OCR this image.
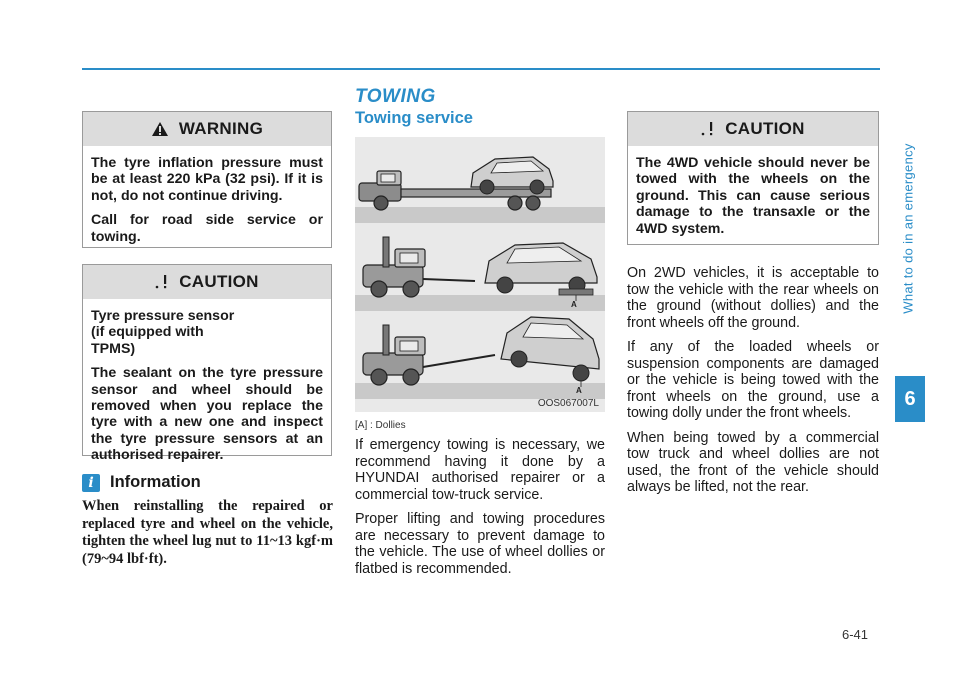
What to do in an emergency
6
WARNING

The tyre inflation pressure must be at least 220 kPa (32 psi). If it is not, do not continue driving.

Call for road side service or towing.

CAUTION

Tyre pressure sensor (if equipped with TPMS)

The sealant on the tyre pressure sensor and wheel should be removed when you replace the tyre with a new one and inspect the tyre pressure sensors at an authorised repairer.

i Information
When reinstalling the repaired or replaced tyre and wheel on the vehicle, tighten the wheel lug nut to 11~13 kgf·m (79~94 lbf·ft).
TOWING
Towing service
A
A
OOS067007L
[A] : Dollies

If emergency towing is necessary, we recommend having it done by a HYUNDAI authorised repairer or a commercial tow-truck service.

Proper lifting and towing procedures are necessary to prevent damage to the vehicle. The use of wheel dollies or flatbed is recommended.

CAUTION

The 4WD vehicle should never be towed with the wheels on the ground. This can cause serious damage to the transaxle or the 4WD system.

On 2WD vehicles, it is acceptable to tow the vehicle with the rear wheels on the ground (without dollies) and the front wheels off the ground.

If any of the loaded wheels or suspension components are damaged or the vehicle is being towed with the front wheels on the ground, use a towing dolly under the front wheels.

When being towed by a commercial tow truck and wheel dollies are not used, the front of the vehicle should always be lifted, not the rear.

6-41
